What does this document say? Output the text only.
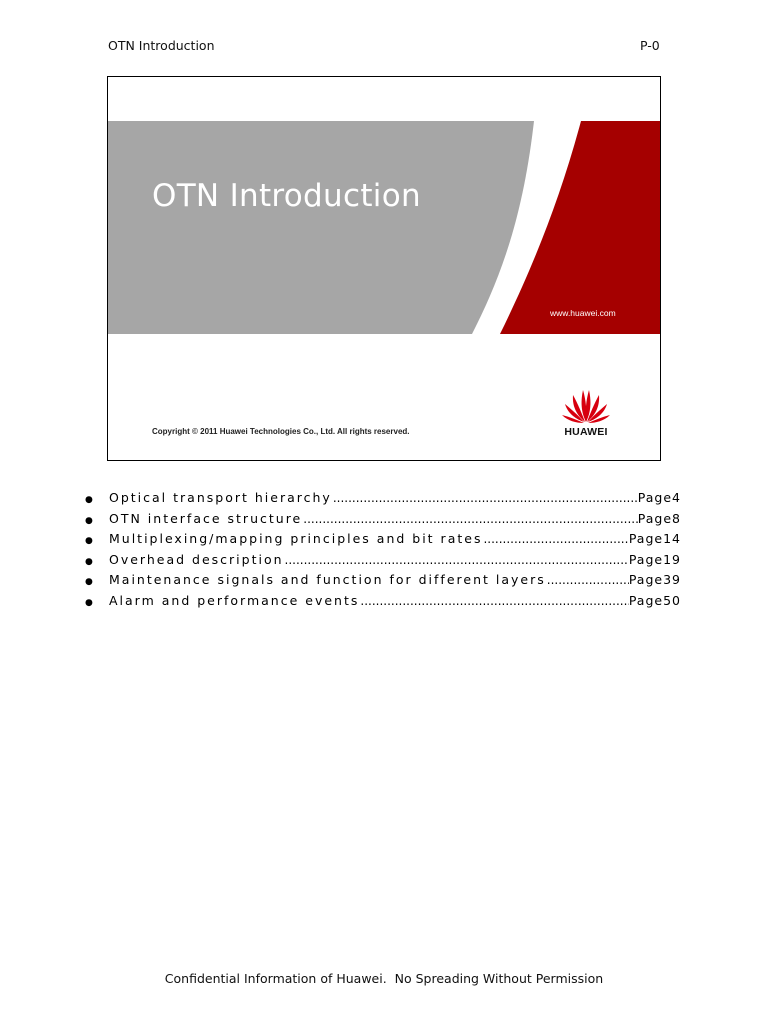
OTN Introduction	P-0
OTN Introduction
www.huawei.com
Copyright © 2011 Huawei Technologies Co., Ltd. All rights reserved.	HUAWEI
●	Optical transport hierarchy .....	Page4
●	OTN interface structure .....	Page8
●	Multiplexing/mapping principles and bit rates .....	Page14
●	Overhead description .....	Page19
●	Maintenance signals and function for different layers .....	Page39
●	Alarm and performance events .....	Page50
Confidential Information of Huawei.  No Spreading Without Permission
